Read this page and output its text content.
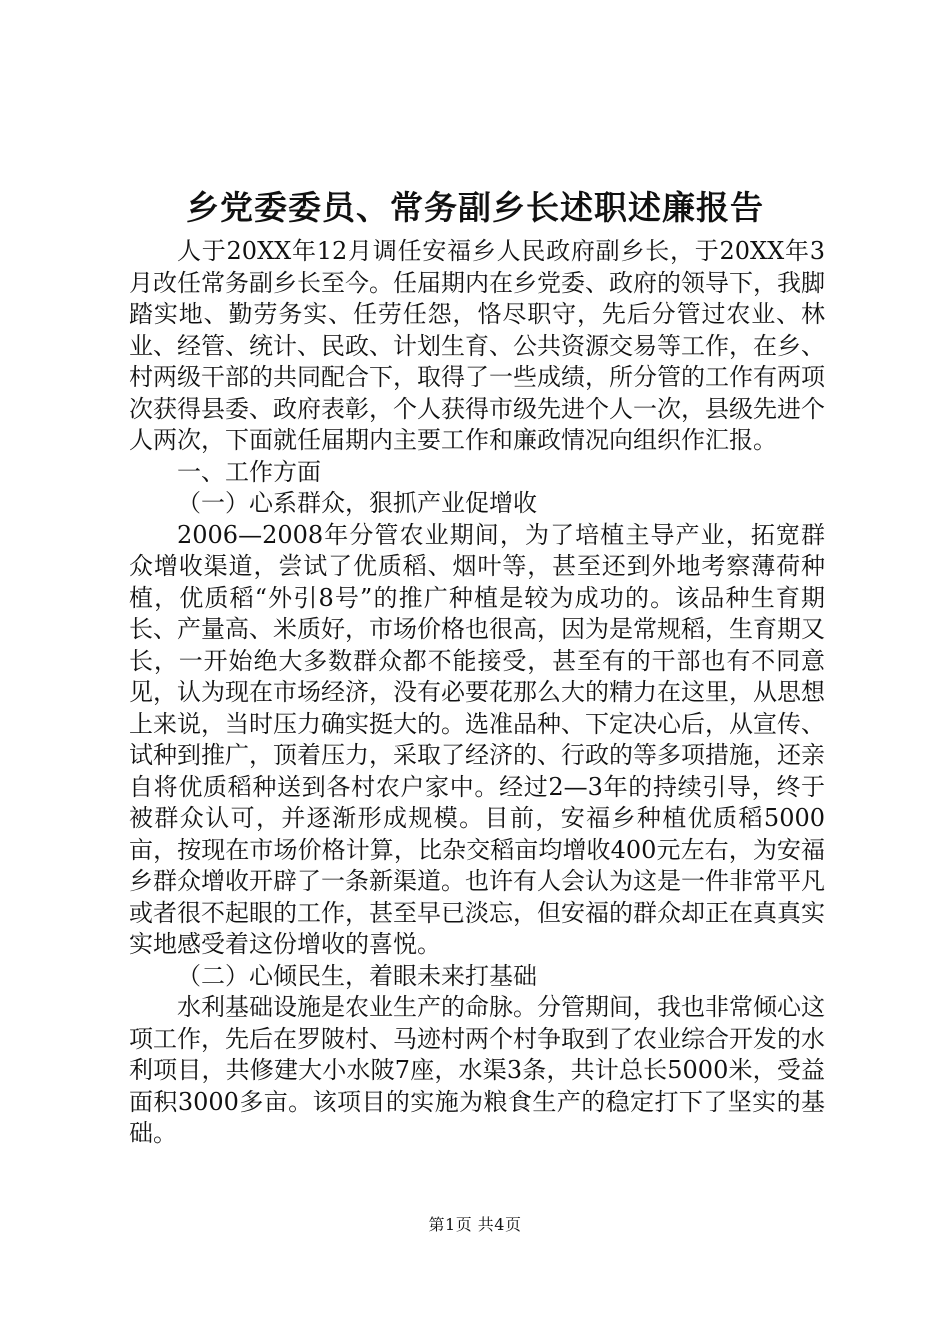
乡党委委员、常务副乡长述职述廉报告

人于20XX年12月调任安福乡人民政府副乡长，于20XX年3月改任常务副乡长至今。任届期内在乡党委、政府的领导下，我脚踏实地、勤劳务实、任劳任怨，恪尽职守，先后分管过农业、林业、经管、统计、民政、计划生育、公共资源交易等工作，在乡、村两级干部的共同配合下，取得了一些成绩，所分管的工作有两项次获得县委、政府表彰，个人获得市级先进个人一次，县级先进个人两次，下面就任届期内主要工作和廉政情况向组织作汇报。

一、工作方面

（一）心系群众，狠抓产业促增收

2006—2008年分管农业期间，为了培植主导产业，拓宽群众增收渠道，尝试了优质稻、烟叶等，甚至还到外地考察薄荷种植，优质稻“外引8号”的推广种植是较为成功的。该品种生育期长、产量高、米质好，市场价格也很高，因为是常规稻，生育期又长，一开始绝大多数群众都不能接受，甚至有的干部也有不同意见，认为现在市场经济，没有必要花那么大的精力在这里，从思想上来说，当时压力确实挺大的。选准品种、下定决心后，从宣传、试种到推广，顶着压力，采取了经济的、行政的等多项措施，还亲自将优质稻种送到各村农户家中。经过2—3年的持续引导，终于被群众认可，并逐渐形成规模。目前，安福乡种植优质稻5000亩，按现在市场价格计算，比杂交稻亩均增收400元左右，为安福乡群众增收开辟了一条新渠道。也许有人会认为这是一件非常平凡或者很不起眼的工作，甚至早已淡忘，但安福的群众却正在真真实实地感受着这份增收的喜悦。

（二）心倾民生，着眼未来打基础

水利基础设施是农业生产的命脉。分管期间，我也非常倾心这项工作，先后在罗陂村、马迹村两个村争取到了农业综合开发的水利项目，共修建大小水陂7座，水渠3条，共计总长5000米，受益面积3000多亩。该项目的实施为粮食生产的稳定打下了坚实的基础。

第1页 共4页
